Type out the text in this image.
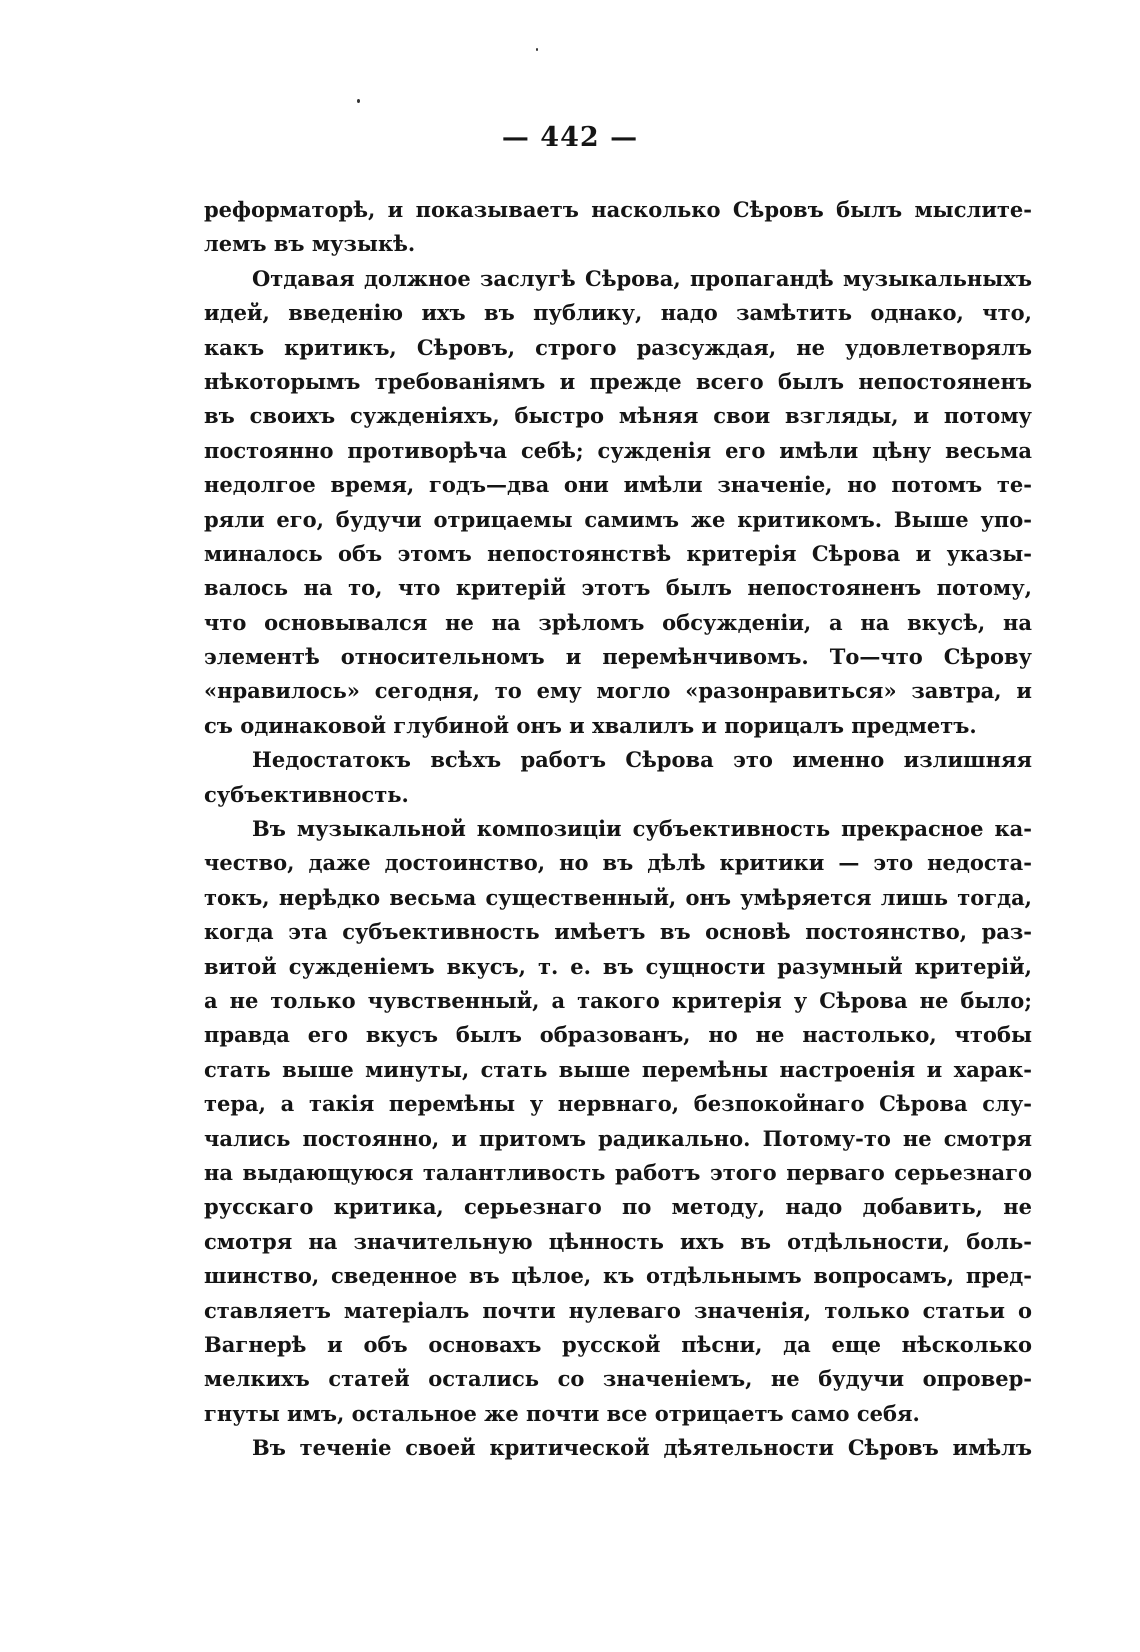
— 442 —
реформаторѣ, и показываетъ насколько Сѣровъ былъ мыслите-
лемъ въ музыкѣ.
Отдавая должное заслугѣ Сѣрова, пропагандѣ музыкальныхъ
идей, введенію ихъ въ публику, надо замѣтить однако, что,
какъ критикъ, Сѣровъ, строго разсуждая, не удовлетворялъ
нѣкоторымъ требованіямъ и прежде всего былъ непостояненъ
въ своихъ сужденіяхъ, быстро мѣняя свои взгляды, и потому
постоянно противорѣча себѣ; сужденія его имѣли цѣну весьма
недолгое время, годъ—два они имѣли значеніе, но потомъ те-
ряли его, будучи отрицаемы самимъ же критикомъ. Выше упо-
миналось объ этомъ непостоянствѣ критерія Сѣрова и указы-
валось на то, что критерій этотъ былъ непостояненъ потому,
что основывался не на зрѣломъ обсужденіи, а на вкусѣ, на
элементѣ относительномъ и перемѣнчивомъ. То—что Сѣрову
«нравилось» сегодня, то ему могло «разонравиться» завтра, и
съ одинаковой глубиной онъ и хвалилъ и порицалъ предметъ.
Недостатокъ всѣхъ работъ Сѣрова это именно излишняя
субъективность.
Въ музыкальной композиціи субъективность прекрасное ка-
чество, даже достоинство, но въ дѣлѣ критики — это недоста-
токъ, нерѣдко весьма существенный, онъ умѣряется лишь тогда,
когда эта субъективность имѣетъ въ основѣ постоянство, раз-
витой сужденіемъ вкусъ, т. е. въ сущности разумный критерій,
а не только чувственный, а такого критерія у Сѣрова не было;
правда его вкусъ былъ образованъ, но не настолько, чтобы
стать выше минуты, стать выше перемѣны настроенія и харак-
тера, а такія перемѣны у нервнаго, безпокойнаго Сѣрова слу-
чались постоянно, и притомъ радикально. Потому-то не смотря
на выдающуюся талантливость работъ этого перваго серьезнаго
русскаго критика, серьезнаго по методу, надо добавить, не
смотря на значительную цѣнность ихъ въ отдѣльности, боль-
шинство, сведенное въ цѣлое, къ отдѣльнымъ вопросамъ, пред-
ставляетъ матеріалъ почти нулеваго значенія, только статьи о
Вагнерѣ и объ основахъ русской пѣсни, да еще нѣсколько
мелкихъ статей остались со значеніемъ, не будучи опровер-
гнуты имъ, остальное же почти все отрицаетъ само себя.
Въ теченіе своей критической дѣятельности Сѣровъ имѣлъ
